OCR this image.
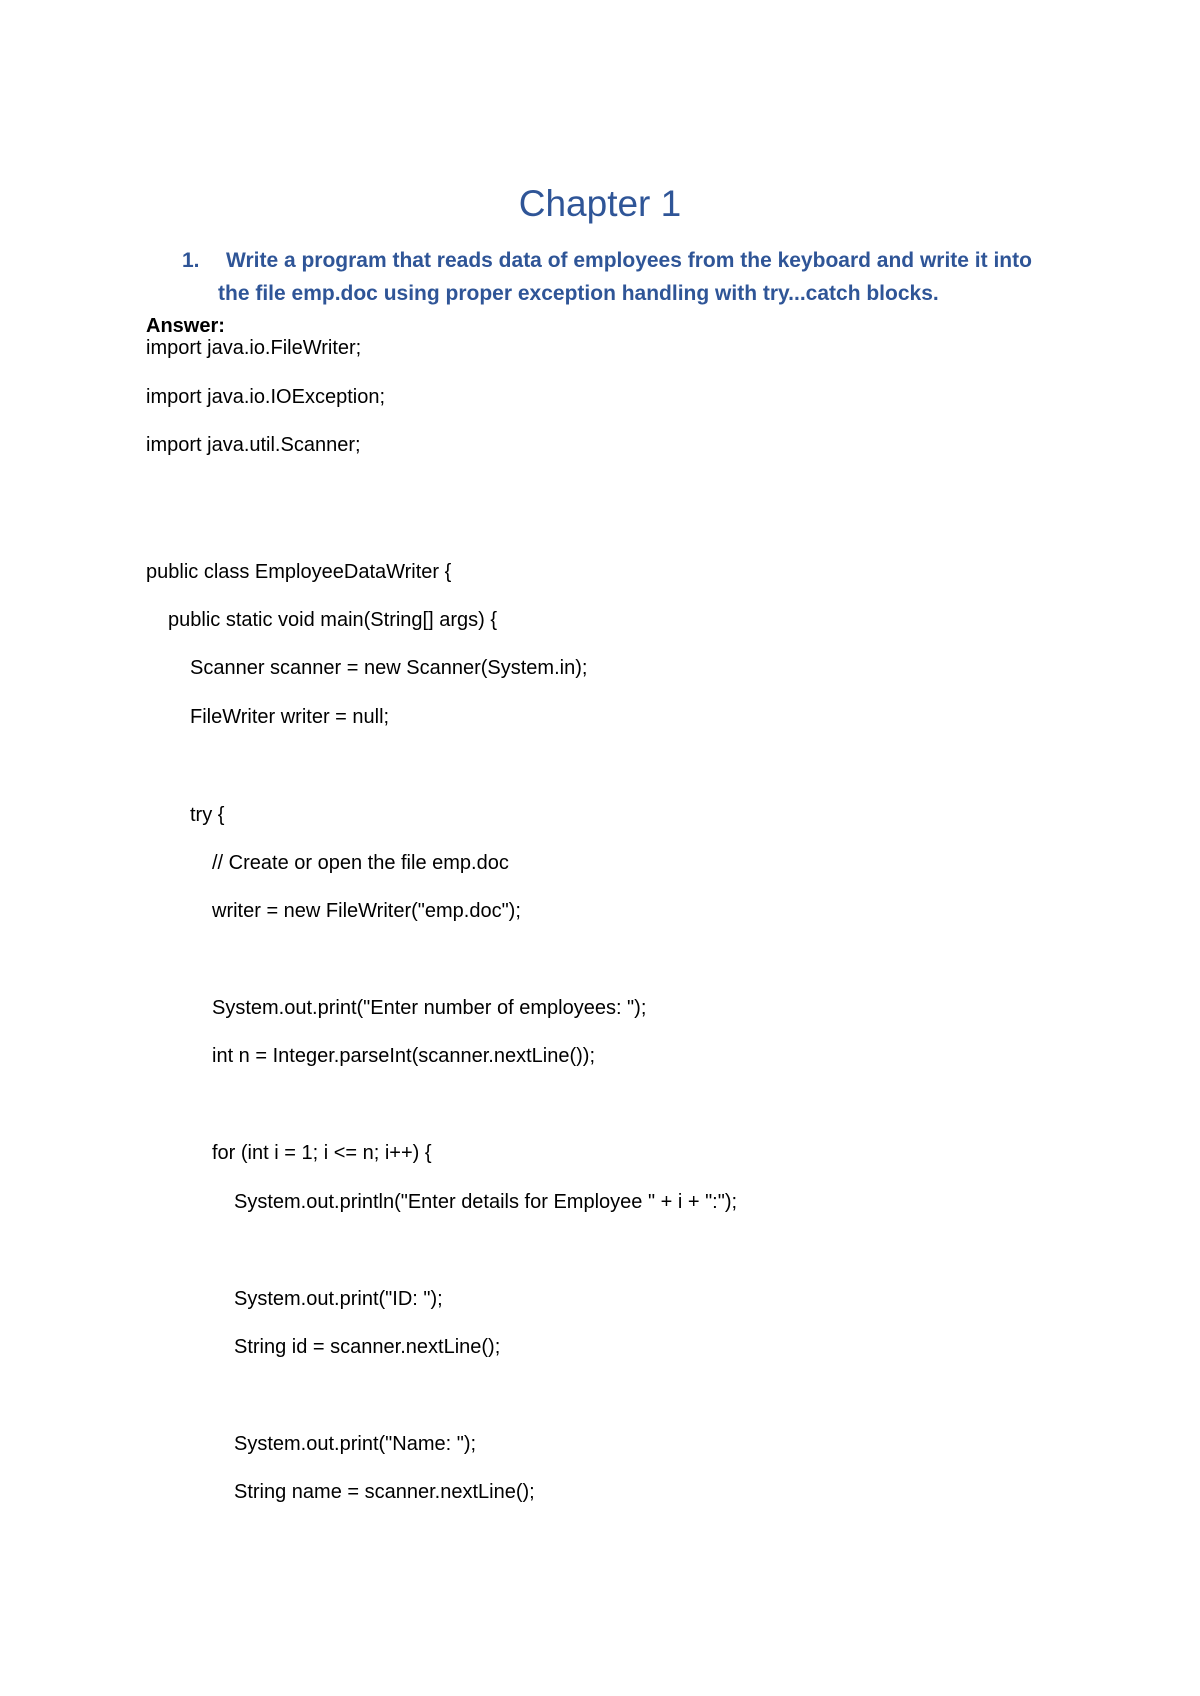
Chapter 1
1.	Write a program that reads data of employees from the keyboard and write it into
the file emp.doc using proper exception handling with try...catch blocks.
Answer:
import java.io.FileWriter;
import java.io.IOException;
import java.util.Scanner;
public class EmployeeDataWriter {
public static void main(String[] args) {
Scanner scanner = new Scanner(System.in);
FileWriter writer = null;
try {
// Create or open the file emp.doc
writer = new FileWriter("emp.doc");
System.out.print("Enter number of employees: ");
int n = Integer.parseInt(scanner.nextLine());
for (int i = 1; i <= n; i++) {
System.out.println("Enter details for Employee " + i + ":");
System.out.print("ID: ");
String id = scanner.nextLine();
System.out.print("Name: ");
String name = scanner.nextLine();
